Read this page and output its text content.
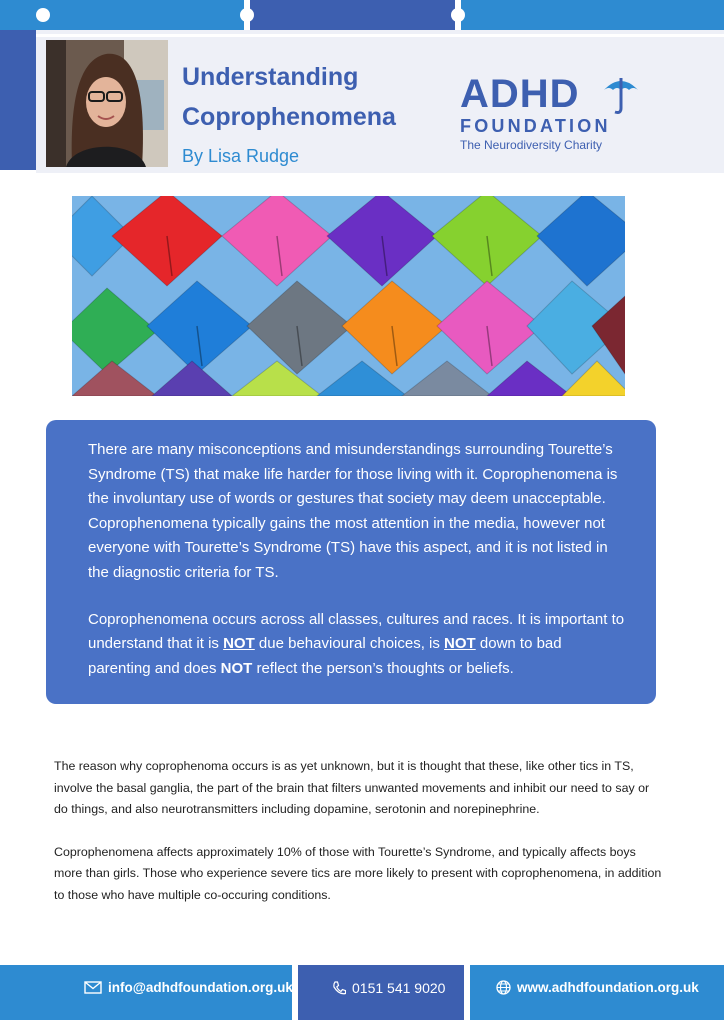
Understanding
Coprophenomena
By Lisa Rudge
ADHD
FOUNDATION
The Neurodiversity Charity

There are many misconceptions and misunderstandings surrounding Tourette’s Syndrome (TS) that make life harder for those living with it. Coprophenomena is the involuntary use of words or gestures that society may deem unacceptable. Coprophenomena typically gains the most attention in the media, however not everyone with Tourette’s Syndrome (TS) have this aspect, and it is not listed in the diagnostic criteria for TS.

Coprophenomena occurs across all classes, cultures and races. It is important to understand that it is NOT due behavioural choices, is NOT down to bad parenting and does NOT reflect the person’s thoughts or beliefs.

The reason why coprophenoma occurs is as yet unknown, but it is thought that these, like other tics in TS, involve the basal ganglia, the part of the brain that filters unwanted movements and inhibit our need to say or do things, and also neurotransmitters including dopamine, serotonin and norepinephrine.

Coprophenomena affects approximately 10% of those with Tourette’s Syndrome, and typically affects boys more than girls. Those who experience severe tics are more likely to present with coprophenomena, in addition to those who have multiple co-occuring conditions.

info@adhdfoundation.org.uk	0151 541 9020	www.adhdfoundation.org.uk
